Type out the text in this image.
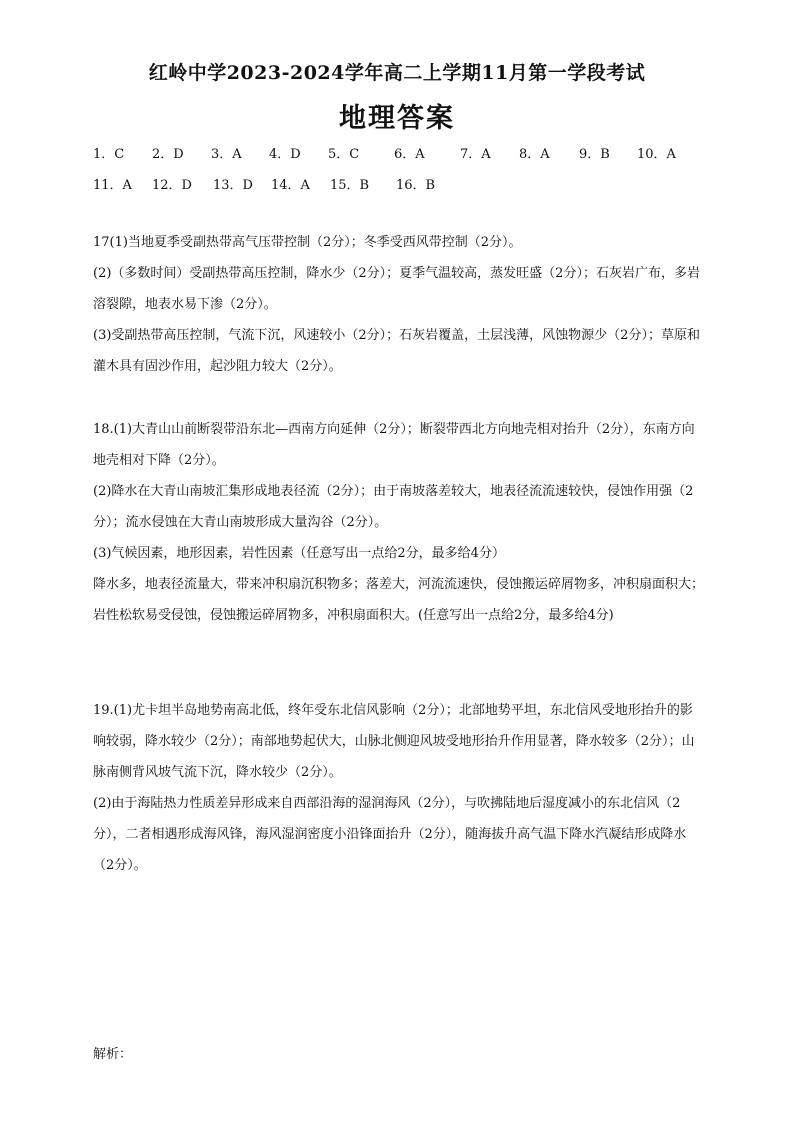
红岭中学2023-2024学年高二上学期11月第一学段考试
地理答案
1．C 2．D 3．A 4．D 5．C	6．A	7．A 8．A 9．B 10．A
11．A 12．D 13．D 14．A 15．B 16．B

17(1)当地夏季受副热带高气压带控制（2分）；冬季受西风带控制（2分）。

(2)（多数时间）受副热带高压控制，降水少（2分）；夏季气温较高，蒸发旺盛（2分）；石灰岩广布，多岩溶裂隙，地表水易下渗（2分）。

(3)受副热带高压控制，气流下沉，风速较小（2分）；石灰岩覆盖，土层浅薄，风蚀物源少（2分）；草原和灌木具有固沙作用，起沙阻力较大（2分）。

18.(1)大青山山前断裂带沿东北—西南方向延伸（2分）；断裂带西北方向地壳相对抬升（2分），东南方向地壳相对下降（2分）。

(2)降水在大青山南坡汇集形成地表径流（2分）；由于南坡落差较大，地表径流流速较快，侵蚀作用强（2分）；流水侵蚀在大青山南坡形成大量沟谷（2分）。

(3)气候因素，地形因素，岩性因素（任意写出一点给2分，最多给4分）

降水多，地表径流量大，带来冲积扇沉积物多；落差大，河流流速快，侵蚀搬运碎屑物多，冲积扇面积大；岩性松软易受侵蚀，侵蚀搬运碎屑物多，冲积扇面积大。(任意写出一点给2分，最多给4分)

19.(1)尤卡坦半岛地势南高北低，终年受东北信风影响（2分）；北部地势平坦，东北信风受地形抬升的影响较弱，降水较少（2分）；南部地势起伏大，山脉北侧迎风坡受地形抬升作用显著，降水较多（2分）；山脉南侧背风坡气流下沉，降水较少（2分）。

(2)由于海陆热力性质差异形成来自西部沿海的湿润海风（2分），与吹拂陆地后湿度减小的东北信风（2分），二者相遇形成海风锋，海风湿润密度小沿锋面抬升（2分），随海拔升高气温下降水汽凝结形成降水（2分）。

解析：
